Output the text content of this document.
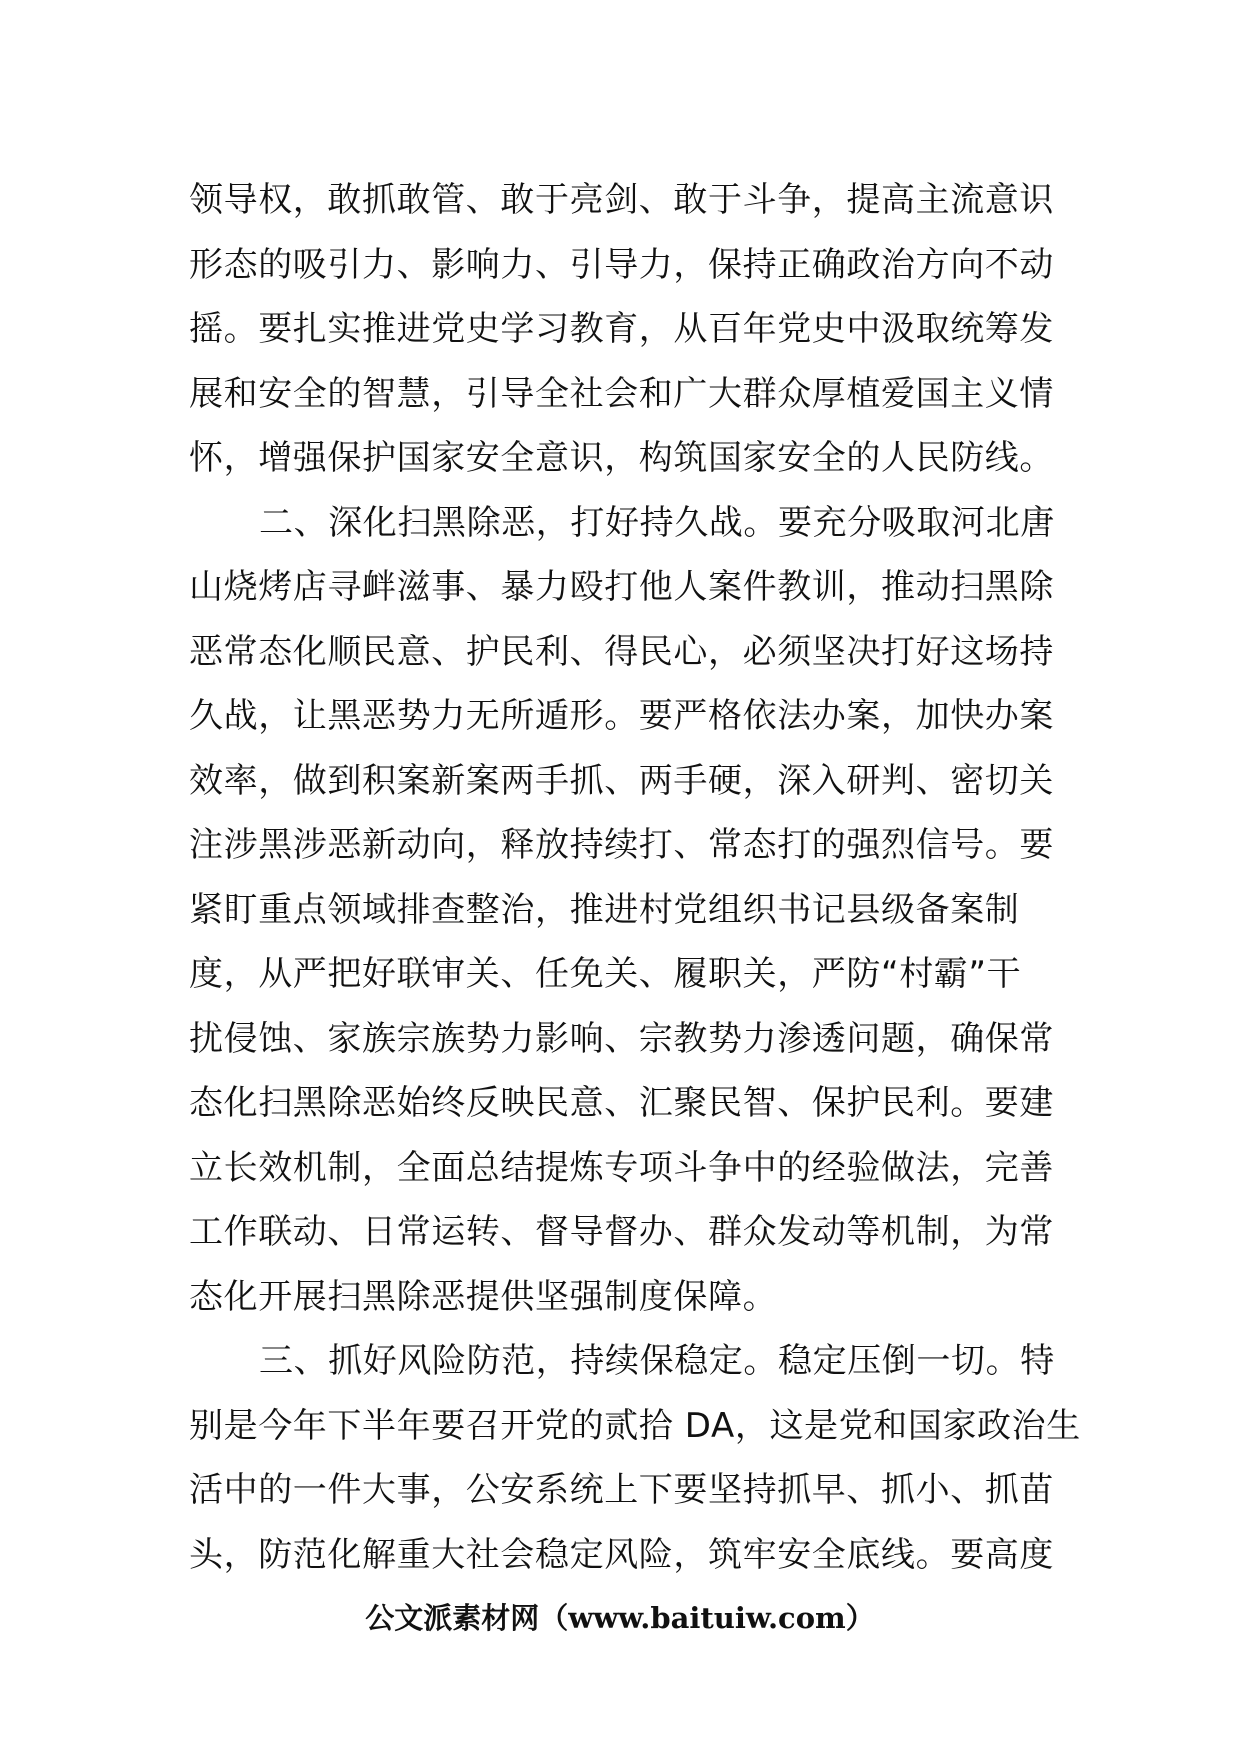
领导权，敢抓敢管、敢于亮剑、敢于斗争，提高主流意识
形态的吸引力、影响力、引导力，保持正确政治方向不动
摇。要扎实推进党史学习教育，从百年党史中汲取统筹发
展和安全的智慧，引导全社会和广大群众厚植爱国主义情
怀，增强保护国家安全意识，构筑国家安全的人民防线。
二、深化扫黑除恶，打好持久战。要充分吸取河北唐
山烧烤店寻衅滋事、暴力殴打他人案件教训，推动扫黑除
恶常态化顺民意、护民利、得民心，必须坚决打好这场持
久战，让黑恶势力无所遁形。要严格依法办案，加快办案
效率，做到积案新案两手抓、两手硬，深入研判、密切关
注涉黑涉恶新动向，释放持续打、常态打的强烈信号。要
紧盯重点领域排查整治，推进村党组织书记县级备案制
度，从严把好联审关、任免关、履职关，严防“村霸”干
扰侵蚀、家族宗族势力影响、宗教势力渗透问题，确保常
态化扫黑除恶始终反映民意、汇聚民智、保护民利。要建
立长效机制，全面总结提炼专项斗争中的经验做法，完善
工作联动、日常运转、督导督办、群众发动等机制，为常
态化开展扫黑除恶提供坚强制度保障。
三、抓好风险防范，持续保稳定。稳定压倒一切。特
别是今年下半年要召开党的贰拾 DA，这是党和国家政治生
活中的一件大事，公安系统上下要坚持抓早、抓小、抓苗
头，防范化解重大社会稳定风险，筑牢安全底线。要高度
公文派素材网（www.baituiw.com）
